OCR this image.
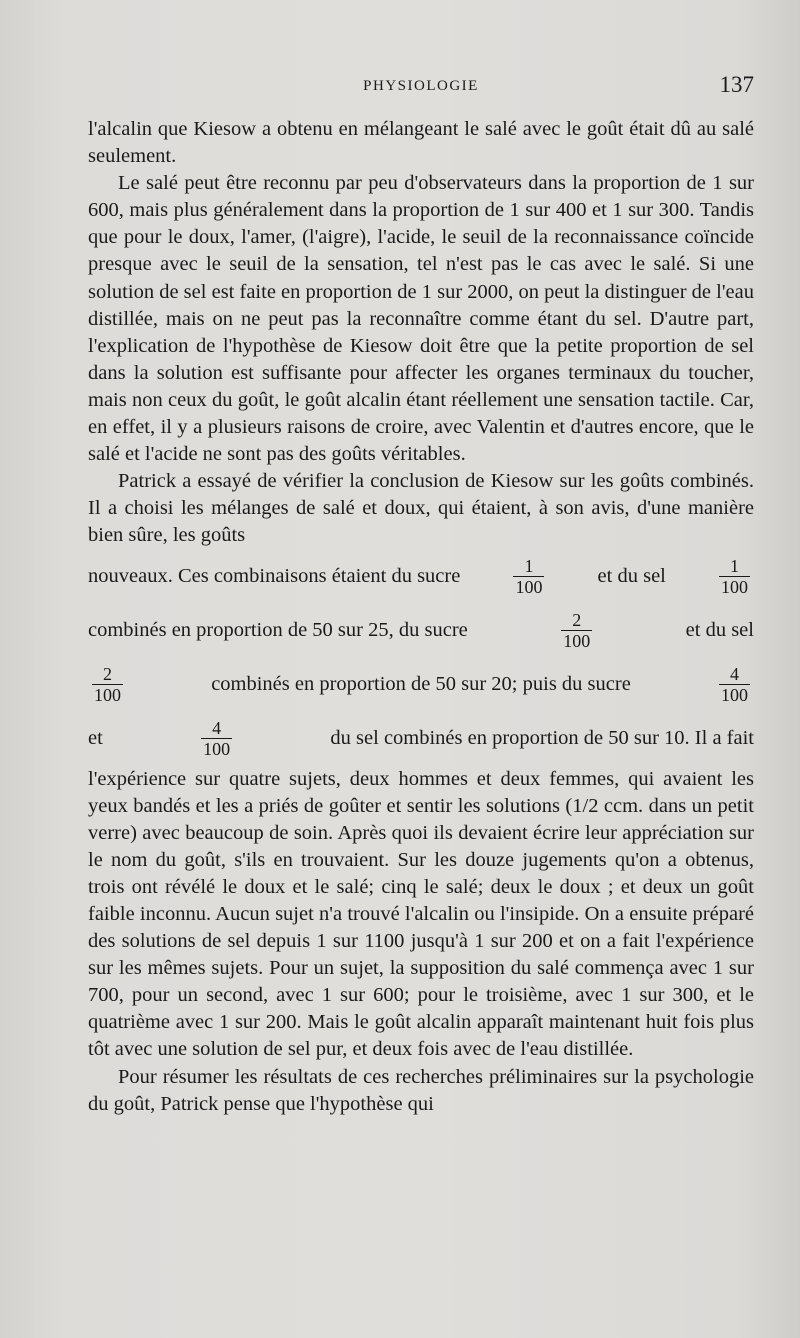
PHYSIOLOGIE	137

l'alcalin que Kiesow a obtenu en mélangeant le salé avec le goût était dû au salé seulement.

Le salé peut être reconnu par peu d'observateurs dans la proportion de 1 sur 600, mais plus généralement dans la proportion de 1 sur 400 et 1 sur 300. Tandis que pour le doux, l'amer, (l'aigre), l'acide, le seuil de la reconnaissance coïncide presque avec le seuil de la sensation, tel n'est pas le cas avec le salé. Si une solution de sel est faite en proportion de 1 sur 2000, on peut la distinguer de l'eau distillée, mais on ne peut pas la reconnaître comme étant du sel. D'autre part, l'explication de l'hypothèse de Kiesow doit être que la petite proportion de sel dans la solution est suffisante pour affecter les organes terminaux du toucher, mais non ceux du goût, le goût alcalin étant réellement une sensation tactile. Car, en effet, il y a plusieurs raisons de croire, avec Valentin et d'autres encore, que le salé et l'acide ne sont pas des goûts véritables.

Patrick a essayé de vérifier la conclusion de Kiesow sur les goûts combinés. Il a choisi les mélanges de salé et doux, qui étaient, à son avis, d'une manière bien sûre, les goûts

nouveaux. Ces combinaisons étaient du sucre	$\frac{1}{100}$	et du sel	$\frac{1}{100}$
combinés en proportion de 50 sur 25, du sucre	$\frac{2}{100}$	et du sel
$\frac{2}{100}$	combinés en proportion de 50 sur 20; puis du sucre	$\frac{4}{100}$
et	$\frac{4}{100}$	du sel combinés en proportion de 50 sur 10. Il a fait

l'expérience sur quatre sujets, deux hommes et deux femmes, qui avaient les yeux bandés et les a priés de goûter et sentir les solutions (1/2 ccm. dans un petit verre) avec beaucoup de soin. Après quoi ils devaient écrire leur appréciation sur le nom du goût, s'ils en trouvaient. Sur les douze jugements qu'on a obtenus, trois ont révélé le doux et le salé; cinq le salé; deux le doux ; et deux un goût faible inconnu. Aucun sujet n'a trouvé l'alcalin ou l'insipide. On a ensuite préparé des solutions de sel depuis 1 sur 1100 jusqu'à 1 sur 200 et on a fait l'expérience sur les mêmes sujets. Pour un sujet, la supposition du salé commença avec 1 sur 700, pour un second, avec 1 sur 600; pour le troisième, avec 1 sur 300, et le quatrième avec 1 sur 200. Mais le goût alcalin apparaît maintenant huit fois plus tôt avec une solution de sel pur, et deux fois avec de l'eau distillée.

Pour résumer les résultats de ces recherches préliminaires sur la psychologie du goût, Patrick pense que l'hypothèse qui
